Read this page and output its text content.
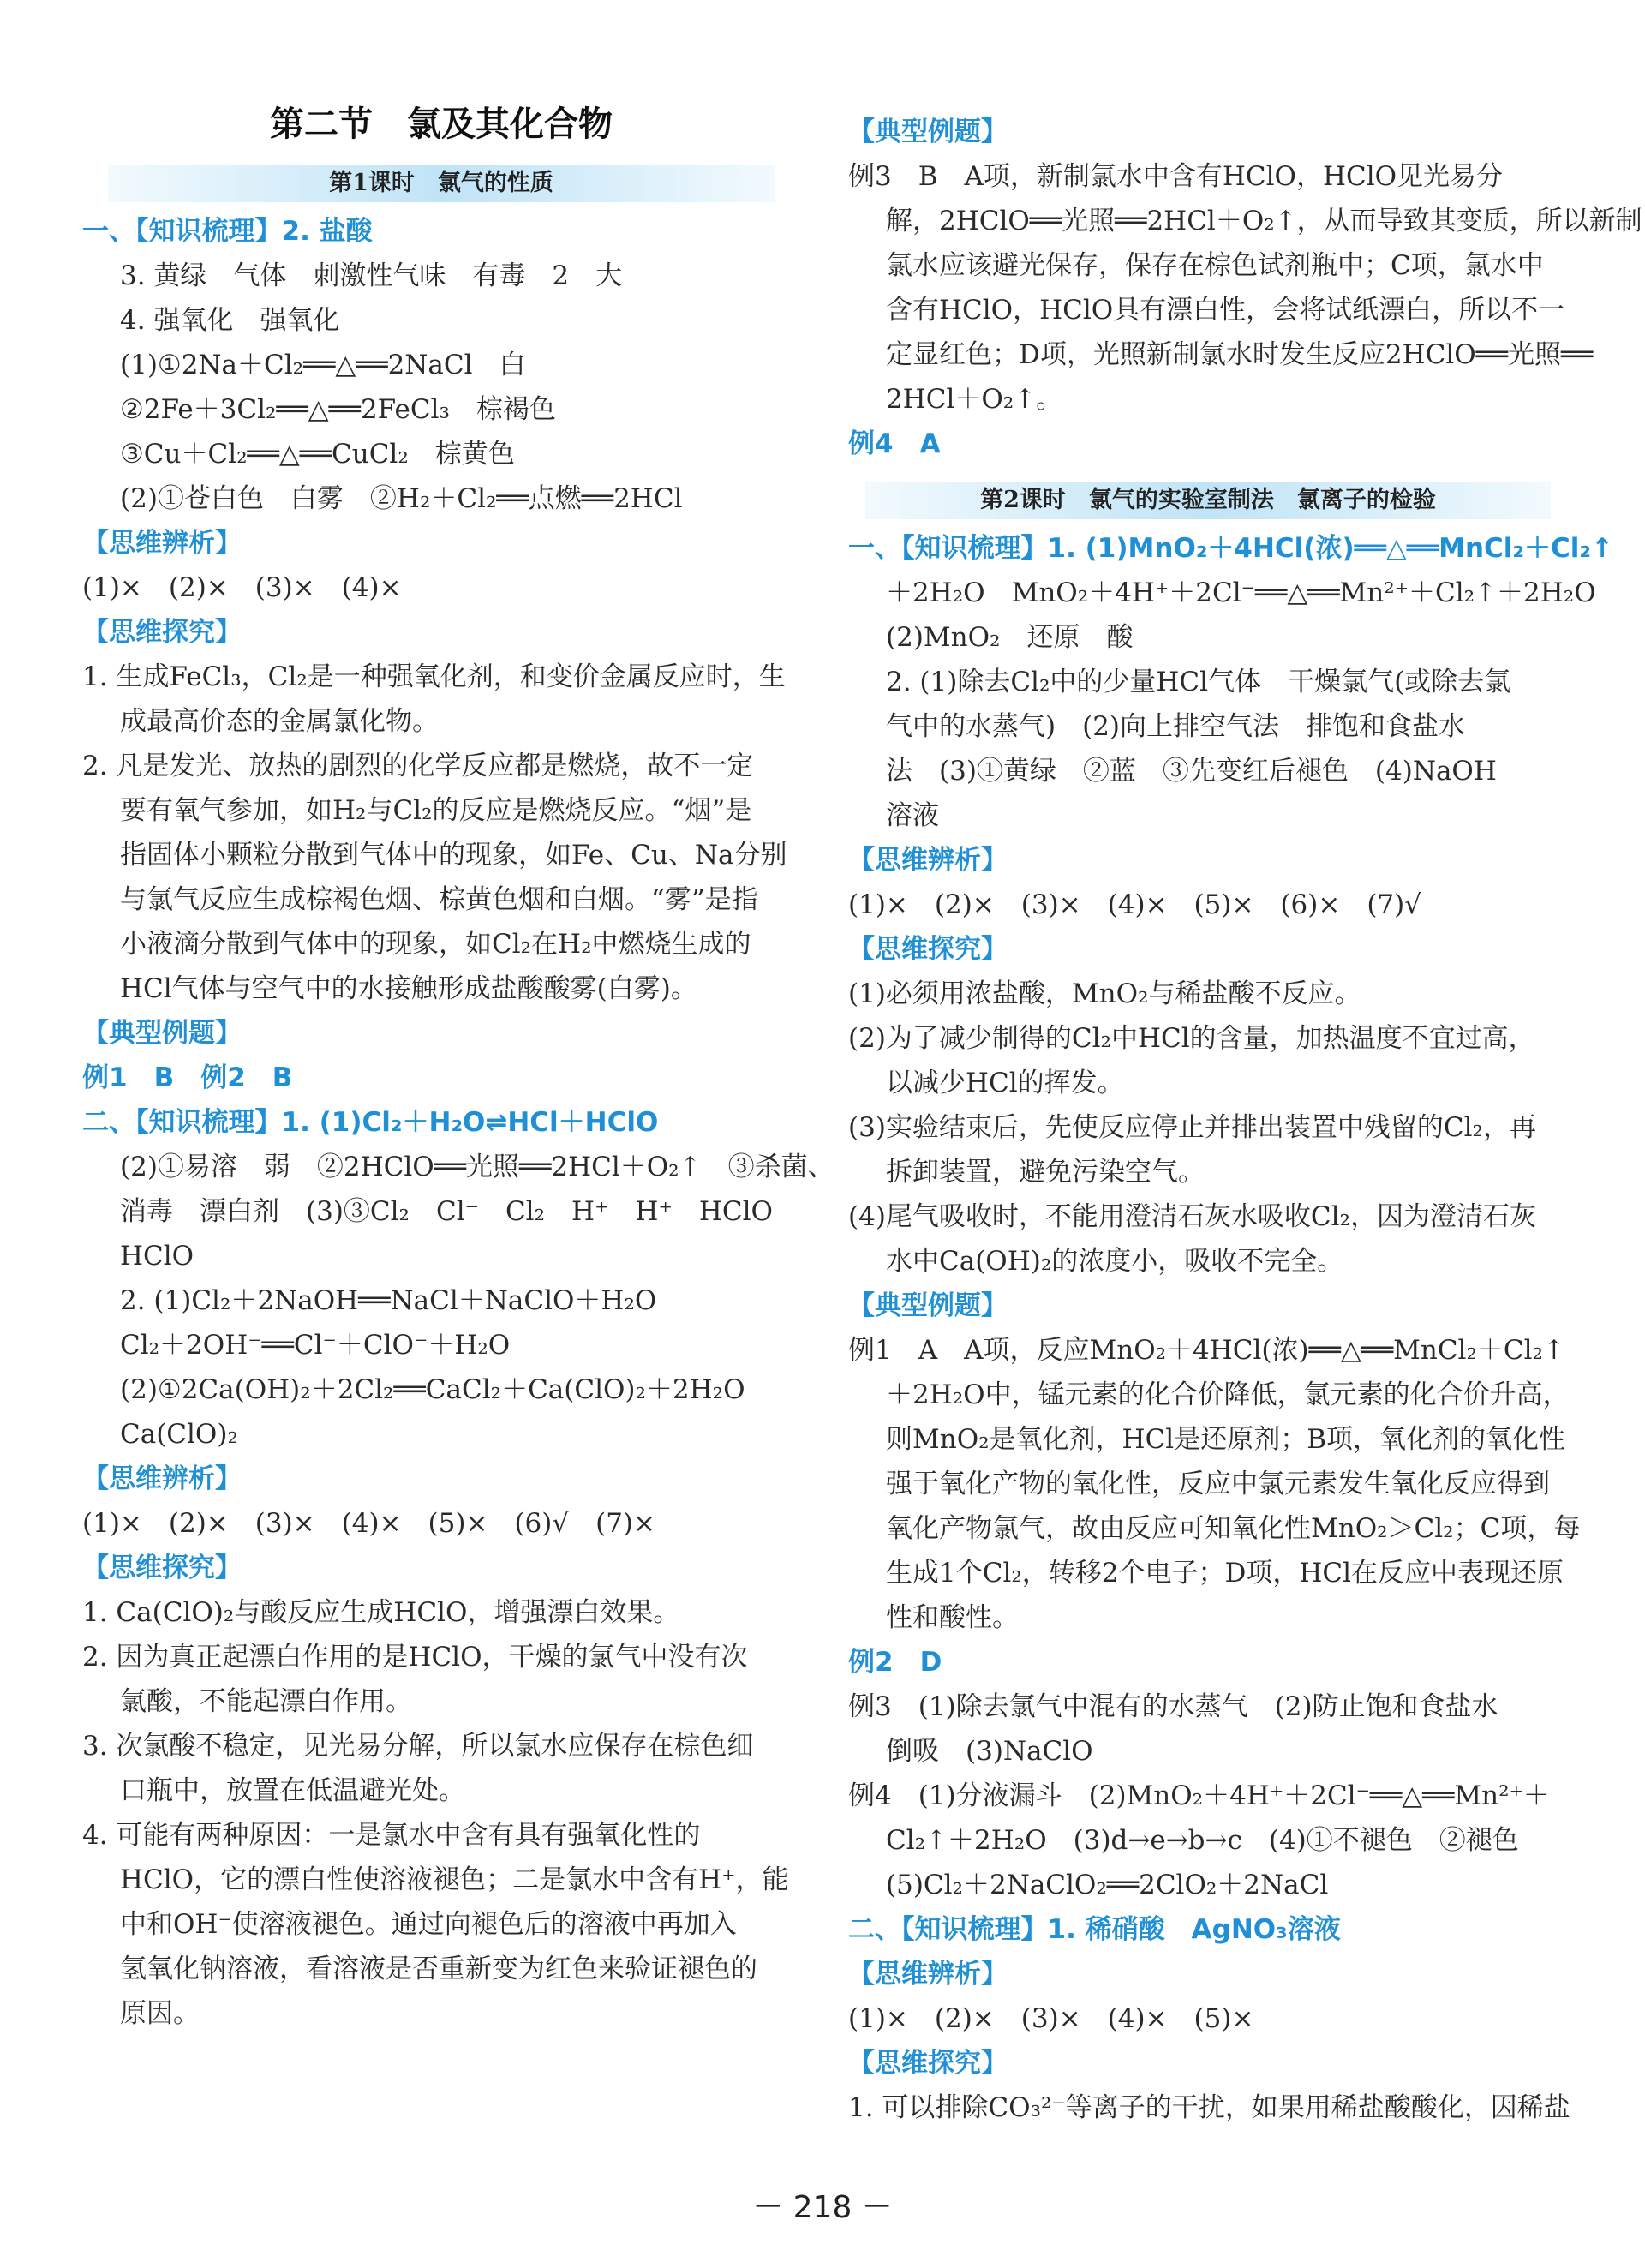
第二节　氯及其化合物
第1课时　氯气的性质
一、【知识梳理】2. 盐酸
3. 黄绿　气体　刺激性气味　有毒　2　大
4. 强氧化　强氧化
(1)①2Na＋Cl₂══△══2NaCl　白
②2Fe＋3Cl₂══△══2FeCl₃　棕褐色
③Cu＋Cl₂══△══CuCl₂　棕黄色
(2)①苍白色　白雾　②H₂＋Cl₂══点燃══2HCl
【思维辨析】
(1)×　(2)×　(3)×　(4)×
【思维探究】
1. 生成FeCl₃，Cl₂是一种强氧化剂，和变价金属反应时，生
成最高价态的金属氯化物。
2. 凡是发光、放热的剧烈的化学反应都是燃烧，故不一定
要有氧气参加，如H₂与Cl₂的反应是燃烧反应。“烟”是
指固体小颗粒分散到气体中的现象，如Fe、Cu、Na分别
与氯气反应生成棕褐色烟、棕黄色烟和白烟。“雾”是指
小液滴分散到气体中的现象，如Cl₂在H₂中燃烧生成的
HCl气体与空气中的水接触形成盐酸酸雾(白雾)。
【典型例题】
例1　B　例2　B
二、【知识梳理】1. (1)Cl₂＋H₂O⇌HCl＋HClO
(2)①易溶　弱　②2HClO══光照══2HCl＋O₂↑　③杀菌、
消毒　漂白剂　(3)③Cl₂　Cl⁻　Cl₂　H⁺　H⁺　HClO
HClO
2. (1)Cl₂＋2NaOH══NaCl＋NaClO＋H₂O
Cl₂＋2OH⁻══Cl⁻＋ClO⁻＋H₂O
(2)①2Ca(OH)₂＋2Cl₂══CaCl₂＋Ca(ClO)₂＋2H₂O
Ca(ClO)₂
【思维辨析】
(1)×　(2)×　(3)×　(4)×　(5)×　(6)√　(7)×
【思维探究】
1. Ca(ClO)₂与酸反应生成HClO，增强漂白效果。
2. 因为真正起漂白作用的是HClO，干燥的氯气中没有次
氯酸，不能起漂白作用。
3. 次氯酸不稳定，见光易分解，所以氯水应保存在棕色细
口瓶中，放置在低温避光处。
4. 可能有两种原因：一是氯水中含有具有强氧化性的
HClO，它的漂白性使溶液褪色；二是氯水中含有H⁺，能
中和OH⁻使溶液褪色。通过向褪色后的溶液中再加入
氢氧化钠溶液，看溶液是否重新变为红色来验证褪色的
原因。
【典型例题】
例3　B　A项，新制氯水中含有HClO，HClO见光易分
解，2HClO══光照══2HCl＋O₂↑，从而导致其变质，所以新制
氯水应该避光保存，保存在棕色试剂瓶中；C项，氯水中
含有HClO，HClO具有漂白性，会将试纸漂白，所以不一
定显红色；D项，光照新制氯水时发生反应2HClO══光照══
2HCl＋O₂↑。
例4　A
第2课时　氯气的实验室制法　氯离子的检验
一、【知识梳理】1. (1)MnO₂＋4HCl(浓)══△══MnCl₂＋Cl₂↑
＋2H₂O　MnO₂＋4H⁺＋2Cl⁻══△══Mn²⁺＋Cl₂↑＋2H₂O
(2)MnO₂　还原　酸
2. (1)除去Cl₂中的少量HCl气体　干燥氯气(或除去氯
气中的水蒸气)　(2)向上排空气法　排饱和食盐水
法　(3)①黄绿　②蓝　③先变红后褪色　(4)NaOH
溶液
【思维辨析】
(1)×　(2)×　(3)×　(4)×　(5)×　(6)×　(7)√
【思维探究】
(1)必须用浓盐酸，MnO₂与稀盐酸不反应。
(2)为了减少制得的Cl₂中HCl的含量，加热温度不宜过高，
以减少HCl的挥发。
(3)实验结束后，先使反应停止并排出装置中残留的Cl₂，再
拆卸装置，避免污染空气。
(4)尾气吸收时，不能用澄清石灰水吸收Cl₂，因为澄清石灰
水中Ca(OH)₂的浓度小，吸收不完全。
【典型例题】
例1　A　A项，反应MnO₂＋4HCl(浓)══△══MnCl₂＋Cl₂↑
＋2H₂O中，锰元素的化合价降低，氯元素的化合价升高，
则MnO₂是氧化剂，HCl是还原剂；B项，氧化剂的氧化性
强于氧化产物的氧化性，反应中氯元素发生氧化反应得到
氧化产物氯气，故由反应可知氧化性MnO₂＞Cl₂；C项，每
生成1个Cl₂，转移2个电子；D项，HCl在反应中表现还原
性和酸性。
例2　D
例3　(1)除去氯气中混有的水蒸气　(2)防止饱和食盐水
倒吸　(3)NaClO
例4　(1)分液漏斗　(2)MnO₂＋4H⁺＋2Cl⁻══△══Mn²⁺＋
Cl₂↑＋2H₂O　(3)d→e→b→c　(4)①不褪色　②褪色
(5)Cl₂＋2NaClO₂══2ClO₂＋2NaCl
二、【知识梳理】1. 稀硝酸　AgNO₃溶液
【思维辨析】
(1)×　(2)×　(3)×　(4)×　(5)×
【思维探究】
1. 可以排除CO₃²⁻等离子的干扰，如果用稀盐酸酸化，因稀盐
－ 218 －
